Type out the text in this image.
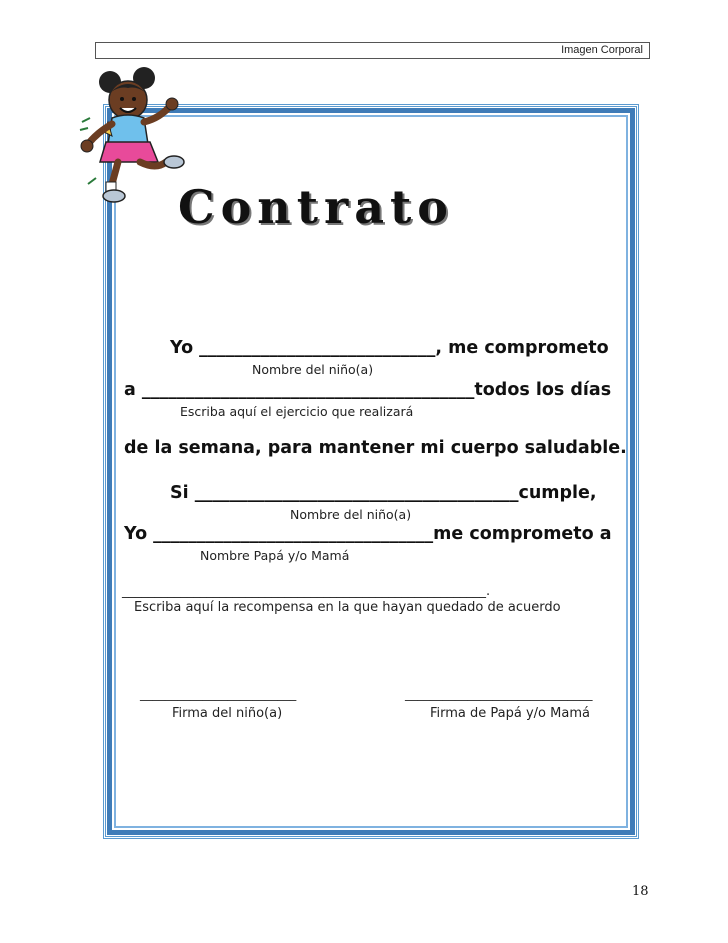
Imagen Corporal
Contrato
Yo ___________________________, me comprometo
Nombre del niño(a)
a ______________________________________todos los días
Escriba aquí el ejercicio que realizará
de la semana, para mantener mi cuerpo saludable.
Si _____________________________________cumple,
Nombre del niño(a)
Yo ________________________________me comprometo a
Nombre Papá y/o Mamá
________________________________________________________.
Escriba aquí la recompensa en la que hayan quedado de acuerdo
_________________________
Firma del niño(a)
______________________________
Firma de Papá y/o Mamá
18
